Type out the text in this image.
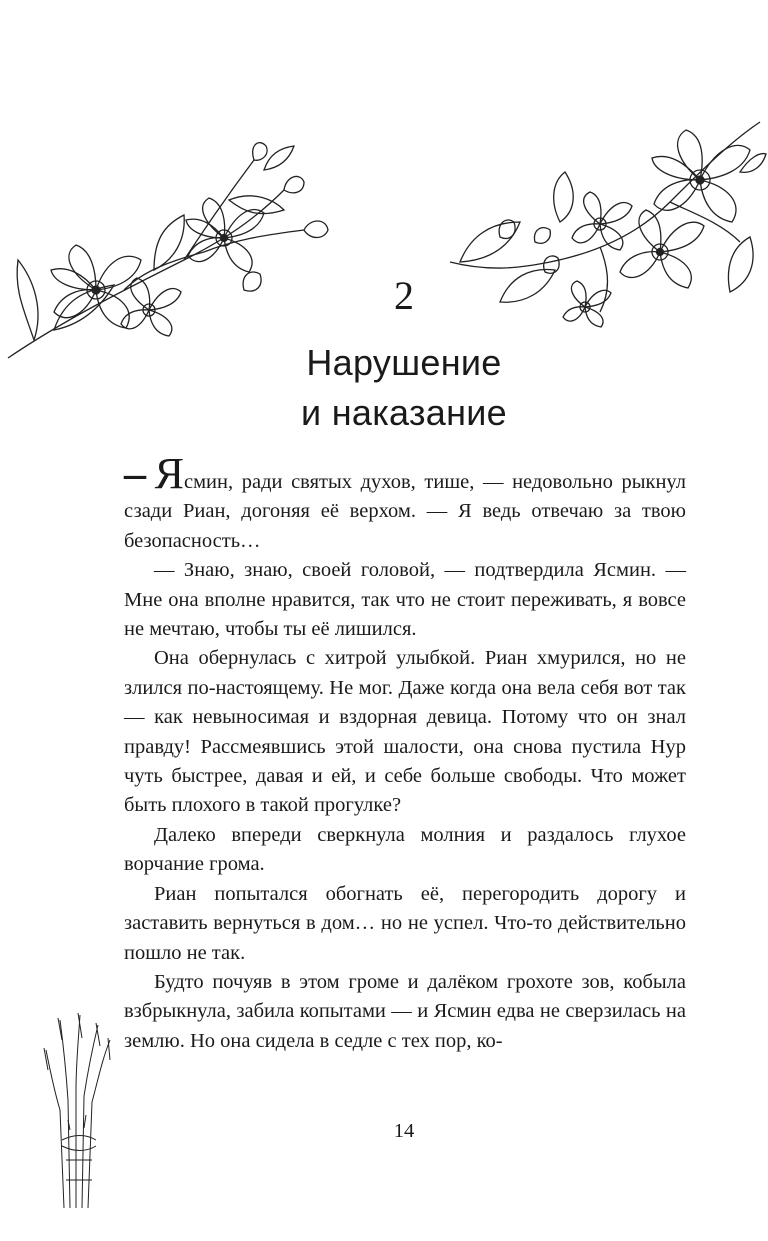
2
Нарушение
и наказание

– Ясмин, ради святых духов, тише, — недовольно рыкнул сзади Риан, догоняя её верхом. — Я ведь отвечаю за твою безопасность…

— Знаю, знаю, своей головой, — подтвердила Ясмин. — Мне она вполне нравится, так что не стоит переживать, я вовсе не мечтаю, чтобы ты её лишился.

Она обернулась с хитрой улыбкой. Риан хмурился, но не злился по-настоящему. Не мог. Даже когда она вела себя вот так — как невыносимая и вздорная девица. Потому что он знал правду! Рассмеявшись этой шалости, она снова пустила Нур чуть быстрее, давая и ей, и себе больше свободы. Что может быть плохого в такой прогулке?

Далеко впереди сверкнула молния и раздалось глухое ворчание грома.

Риан попытался обогнать её, перегородить дорогу и заставить вернуться в дом… но не успел. Что-то действительно пошло не так.

Будто почуяв в этом громе и далёком грохоте зов, кобыла взбрыкнула, забила копытами — и Ясмин едва не сверзилась на землю. Но она сидела в седле с тех пор, ко-

14
